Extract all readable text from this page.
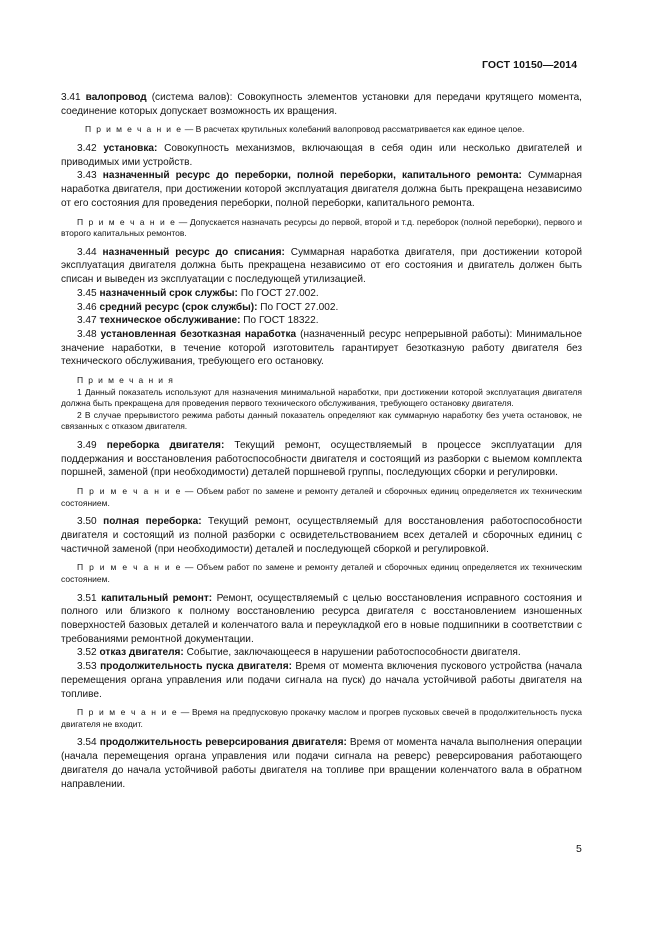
ГОСТ 10150—2014

3.41 валопровод (система валов): Совокупность элементов установки для передачи крутящего момента, соединение которых допускает возможность их вращения.

П р и м е ч а н и е — В расчетах крутильных колебаний валопровод рассматривается как единое целое.

3.42 установка: Совокупность механизмов, включающая в себя один или несколько двигателей и приводимых ими устройств.

3.43 назначенный ресурс до переборки, полной переборки, капитального ремонта: Суммарная наработка двигателя, при достижении которой эксплуатация двигателя должна быть прекращена независимо от его состояния для проведения переборки, полной переборки, капитального ремонта.

П р и м е ч а н и е — Допускается назначать ресурсы до первой, второй и т.д. переборок (полной переборки), первого и второго капитальных ремонтов.

3.44 назначенный ресурс до списания: Суммарная наработка двигателя, при достижении которой эксплуатация двигателя должна быть прекращена независимо от его состояния и двигатель должен быть списан и выведен из эксплуатации с последующей утилизацией.

3.45 назначенный срок службы: По ГОСТ 27.002.

3.46 средний ресурс (срок службы): По ГОСТ 27.002.

3.47 техническое обслуживание: По ГОСТ 18322.

3.48 установленная безотказная наработка (назначенный ресурс непрерывной работы): Минимальное значение наработки, в течение которой изготовитель гарантирует безотказную работу двигателя без технического обслуживания, требующего его остановку.

П р и м е ч а н и я

1 Данный показатель используют для назначения минимальной наработки, при достижении которой эксплуатация двигателя должна быть прекращена для проведения первого технического обслуживания, требующего остановку двигателя.

2 В случае прерывистого режима работы данный показатель определяют как суммарную наработку без учета остановок, не связанных с отказом двигателя.

3.49 переборка двигателя: Текущий ремонт, осуществляемый в процессе эксплуатации для поддержания и восстановления работоспособности двигателя и состоящий из разборки с выемом комплекта поршней, заменой (при необходимости) деталей поршневой группы, последующих сборки и регулировки.

П р и м е ч а н и е — Объем работ по замене и ремонту деталей и сборочных единиц определяется их техническим состоянием.

3.50 полная переборка: Текущий ремонт, осуществляемый для восстановления работоспособности двигателя и состоящий из полной разборки с освидетельствованием всех деталей и сборочных единиц с частичной заменой (при необходимости) деталей и последующей сборкой и регулировкой.

П р и м е ч а н и е — Объем работ по замене и ремонту деталей и сборочных единиц определяется их техническим состоянием.

3.51 капитальный ремонт: Ремонт, осуществляемый с целью восстановления исправного состояния и полного или близкого к полному восстановлению ресурса двигателя с восстановлением изношенных поверхностей базовых деталей и коленчатого вала и переукладкой его в новые подшипники в соответствии с требованиями ремонтной документации.

3.52 отказ двигателя: Событие, заключающееся в нарушении работоспособности двигателя.

3.53 продолжительность пуска двигателя: Время от момента включения пускового устройства (начала перемещения органа управления или подачи сигнала на пуск) до начала устойчивой работы двигателя на топливе.

П р и м е ч а н и е — Время на предпусковую прокачку маслом и прогрев пусковых свечей в продолжительность пуска двигателя не входит.

3.54 продолжительность реверсирования двигателя: Время от момента начала выполнения операции (начала перемещения органа управления или подачи сигнала на реверс) реверсирования работающего двигателя до начала устойчивой работы двигателя на топливе при вращении коленчатого вала в обратном направлении.

5
